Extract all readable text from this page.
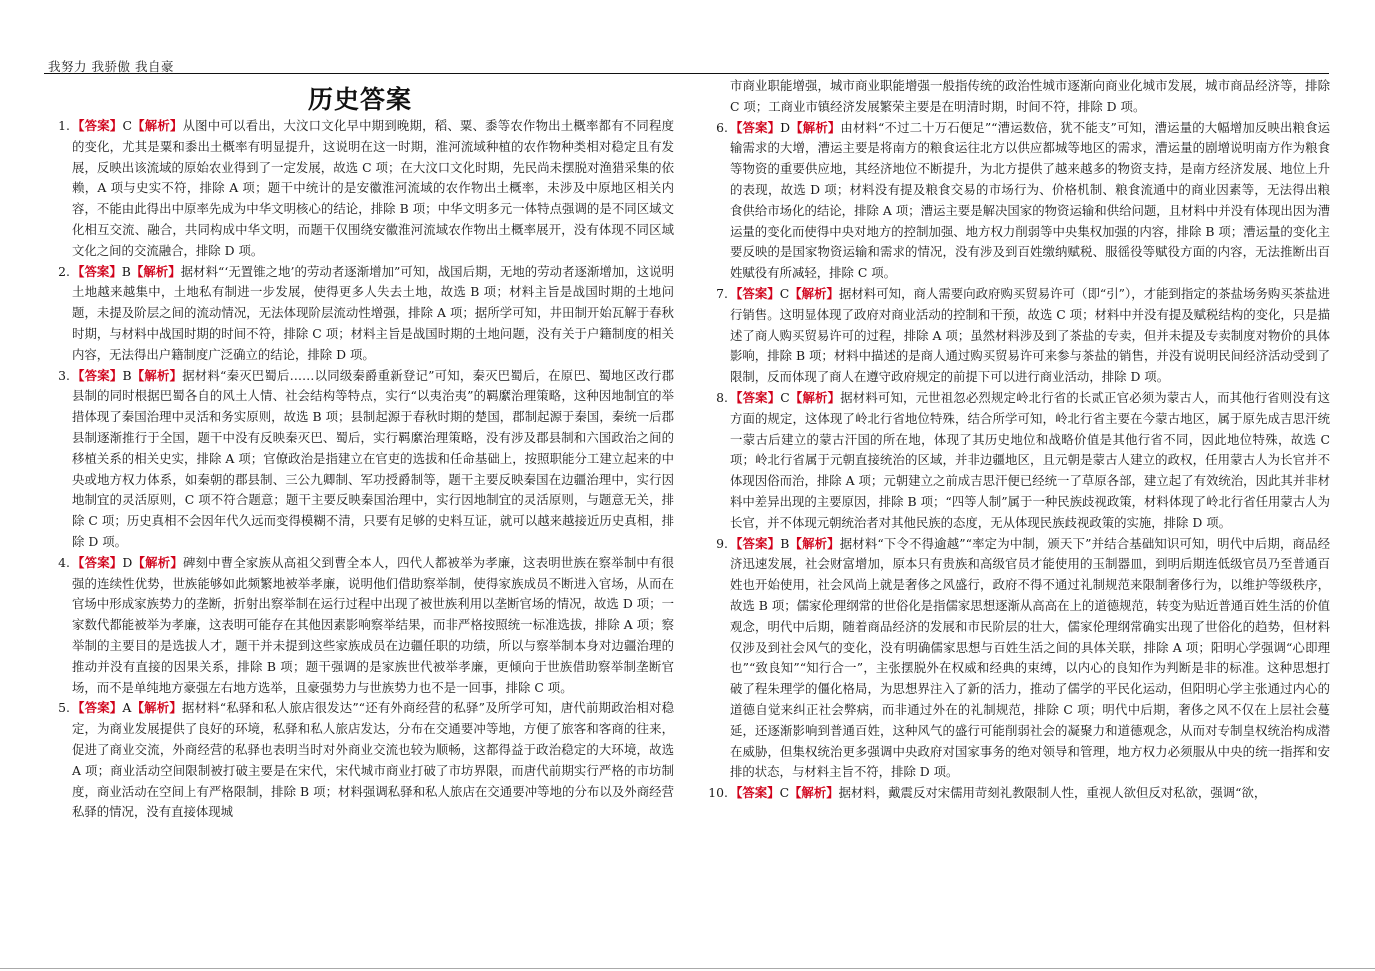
我努力 我骄傲 我自豪
历史答案
1. 【答案】C【解析】从图中可以看出，大汶口文化早中期到晚期，稻、粟、黍等农作物出土概率都有不同程度的变化，尤其是粟和黍出土概率有明显提升，这说明在这一时期，淮河流域种植的农作物种类相对稳定且有发展，反映出该流域的原始农业得到了一定发展，故选 C 项；在大汶口文化时期，先民尚未摆脱对渔猎采集的依赖，A 项与史实不符，排除 A 项；题干中统计的是安徽淮河流域的农作物出土概率，未涉及中原地区相关内容，不能由此得出中原率先成为中华文明核心的结论，排除 B 项；中华文明多元一体特点强调的是不同区域文化相互交流、融合，共同构成中华文明，而题干仅围绕安徽淮河流域农作物出土概率展开，没有体现不同区域文化之间的交流融合，排除 D 项。
2. 【答案】B【解析】据材料“‘无置锥之地’的劳动者逐渐增加”可知，战国后期，无地的劳动者逐渐增加，这说明土地越来越集中，土地私有制进一步发展，使得更多人失去土地，故选 B 项；材料主旨是战国时期的土地问题，未提及阶层之间的流动情况，无法体现阶层流动性增强，排除 A 项；据所学可知，井田制开始瓦解于春秋时期，与材料中战国时期的时间不符，排除 C 项；材料主旨是战国时期的土地问题，没有关于户籍制度的相关内容，无法得出户籍制度广泛确立的结论，排除 D 项。
3. 【答案】B【解析】据材料“秦灭巴蜀后……以同级秦爵重新登记”可知，秦灭巴蜀后，在原巴、蜀地区改行郡县制的同时根据巴蜀各自的风土人情、社会结构等特点，实行“以夷治夷”的羁縻治理策略，这种因地制宜的举措体现了秦国治理中灵活和务实原则，故选 B 项；县制起源于春秋时期的楚国，郡制起源于秦国，秦统一后郡县制逐渐推行于全国，题干中没有反映秦灭巴、蜀后，实行羁縻治理策略，没有涉及郡县制和六国政治之间的移植关系的相关史实，排除 A 项；官僚政治是指建立在官吏的选拔和任命基础上，按照职能分工建立起来的中央或地方权力体系，如秦朝的郡县制、三公九卿制、军功授爵制等，题干主要反映秦国在边疆治理中，实行因地制宜的灵活原则，C 项不符合题意；题干主要反映秦国治理中，实行因地制宜的灵活原则，与题意无关，排除 C 项；历史真相不会因年代久远而变得模糊不清，只要有足够的史料互证，就可以越来越接近历史真相，排除 D 项。
4. 【答案】D【解析】碑刻中曹全家族从高祖父到曹全本人，四代人都被举为孝廉，这表明世族在察举制中有很强的连续性优势，世族能够如此频繁地被举孝廉，说明他们借助察举制，使得家族成员不断进入官场，从而在官场中形成家族势力的垄断，折射出察举制在运行过程中出现了被世族利用以垄断官场的情况，故选 D 项；一家数代都能被举为孝廉，这表明可能存在其他因素影响察举结果，而非严格按照统一标准选拔，排除 A 项；察举制的主要目的是选拔人才，题干并未提到这些家族成员在边疆任职的功绩，所以与察举制本身对边疆治理的推动并没有直接的因果关系，排除 B 项；题干强调的是家族世代被举孝廉，更倾向于世族借助察举制垄断官场，而不是单纯地方豪强左右地方选举，且豪强势力与世族势力也不是一回事，排除 C 项。
5. 【答案】A【解析】据材料“私驿和私人旅店很发达”“还有外商经营的私驿”及所学可知，唐代前期政治相对稳定，为商业发展提供了良好的环境，私驿和私人旅店发达，分布在交通要冲等地，方便了旅客和客商的往来，促进了商业交流，外商经营的私驿也表明当时对外商业交流也较为顺畅，这都得益于政治稳定的大环境，故选 A 项；商业活动空间限制被打破主要是在宋代，宋代城市商业打破了市坊界限，而唐代前期实行严格的市坊制度，商业活动在空间上有严格限制，排除 B 项；材料强调私驿和私人旅店在交通要冲等地的分布以及外商经营私驿的情况，没有直接体现城
市商业职能增强，城市商业职能增强一般指传统的政治性城市逐渐向商业化城市发展，城市商品经济等，排除 C 项；工商业市镇经济发展繁荣主要是在明清时期，时间不符，排除 D 项。
6. 【答案】D【解析】由材料“不过二十万石便足”“漕运数倍，犹不能支”可知，漕运量的大幅增加反映出粮食运输需求的大增，漕运主要是将南方的粮食运往北方以供应都城等地区的需求，漕运量的剧增说明南方作为粮食等物资的重要供应地，其经济地位不断提升，为北方提供了越来越多的物资支持，是南方经济发展、地位上升的表现，故选 D 项；材料没有提及粮食交易的市场行为、价格机制、粮食流通中的商业因素等，无法得出粮食供给市场化的结论，排除 A 项；漕运主要是解决国家的物资运输和供给问题，且材料中并没有体现出因为漕运量的变化而使得中央对地方的控制加强、地方权力削弱等中央集权加强的内容，排除 B 项；漕运量的变化主要反映的是国家物资运输和需求的情况，没有涉及到百姓缴纳赋税、服徭役等赋役方面的内容，无法推断出百姓赋役有所减轻，排除 C 项。
7. 【答案】C【解析】据材料可知，商人需要向政府购买贸易许可（即“引”），才能到指定的茶盐场务购买茶盐进行销售。这明显体现了政府对商业活动的控制和干预，故选 C 项；材料中并没有提及赋税结构的变化，只是描述了商人购买贸易许可的过程，排除 A 项；虽然材料涉及到了茶盐的专卖，但并未提及专卖制度对物价的具体影响，排除 B 项；材料中描述的是商人通过购买贸易许可来参与茶盐的销售，并没有说明民间经济活动受到了限制，反而体现了商人在遵守政府规定的前提下可以进行商业活动，排除 D 项。
8. 【答案】C【解析】据材料可知，元世祖忽必烈规定岭北行省的长贰正官必须为蒙古人，而其他行省则没有这方面的规定，这体现了岭北行省地位特殊，结合所学可知，岭北行省主要在今蒙古地区，属于原先成吉思汗统一蒙古后建立的蒙古汗国的所在地，体现了其历史地位和战略价值是其他行省不同，因此地位特殊，故选 C 项；岭北行省属于元朝直接统治的区域，并非边疆地区，且元朝是蒙古人建立的政权，任用蒙古人为长官并不体现因俗而治，排除 A 项；元朝建立之前成吉思汗便已经统一了草原各部，建立起了有效统治，因此其并非材料中差异出现的主要原因，排除 B 项；“四等人制”属于一种民族歧视政策，材料体现了岭北行省任用蒙古人为长官，并不体现元朝统治者对其他民族的态度，无从体现民族歧视政策的实施，排除 D 项。
9. 【答案】B【解析】据材料“下令不得逾越”“率定为中制，颁天下”并结合基础知识可知，明代中后期，商品经济迅速发展，社会财富增加，原本只有贵族和高级官员才能使用的玉制器皿，到明后期连低级官员乃至普通百姓也开始使用，社会风尚上就是奢侈之风盛行，政府不得不通过礼制规范来限制奢侈行为，以维护等级秩序，故选 B 项；儒家伦理纲常的世俗化是指儒家思想逐渐从高高在上的道德规范，转变为贴近普通百姓生活的价值观念，明代中后期，随着商品经济的发展和市民阶层的壮大，儒家伦理纲常确实出现了世俗化的趋势，但材料仅涉及到社会风气的变化，没有明确儒家思想与百姓生活之间的具体关联，排除 A 项；阳明心学强调“心即理也”“致良知”“知行合一”，主张摆脱外在权威和经典的束缚，以内心的良知作为判断是非的标准。这种思想打破了程朱理学的僵化格局，为思想界注入了新的活力，推动了儒学的平民化运动，但阳明心学主张通过内心的道德自觉来纠正社会弊病，而非通过外在的礼制规范，排除 C 项；明代中后期，奢侈之风不仅在上层社会蔓延，还逐渐影响到普通百姓，这种风气的盛行可能削弱社会的凝聚力和道德观念，从而对专制皇权统治构成潜在威胁，但集权统治更多强调中央政府对国家事务的绝对领导和管理，地方权力必须服从中央的统一指挥和安排的状态，与材料主旨不符，排除 D 项。
10. 【答案】C【解析】据材料，戴震反对宋儒用苛刻礼教限制人性，重视人欲但反对私欲，强调“欲，
